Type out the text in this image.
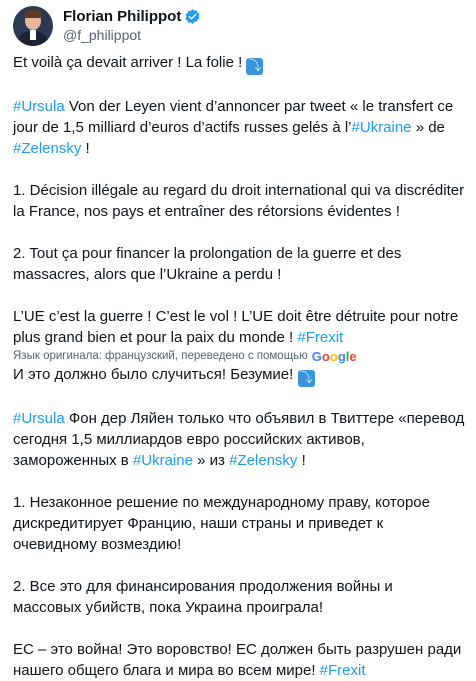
Florian Philippot
@f_philippot

Et voilà ça devait arriver ! La folie ! ⤵

#Ursula Von der Leyen vient d’annoncer par tweet « le transfert ce jour de 1,5 milliard d’euros d’actifs russes gelés à l’#Ukraine » de #Zelensky !

1. Décision illégale au regard du droit international qui va discréditer la France, nos pays et entraîner des rétorsions évidentes !

2. Tout ça pour financer la prolongation de la guerre et des massacres, alors que l’Ukraine a perdu !

L’UE c’est la guerre ! C’est le vol ! L’UE doit être détruite pour notre plus grand bien et pour la paix du monde ! #Frexit

Язык оригинала: французский, переведено с помощью Google

И это должно было случиться! Безумие! ⤵

#Ursula Фон дер Ляйен только что объявил в Твиттере «перевод сегодня 1,5 миллиардов евро российских активов, замороженных в #Ukraine » из #Zelensky !

1. Незаконное решение по международному праву, которое дискредитирует Францию, наши страны и приведет к очевидному возмездию!

2. Все это для финансирования продолжения войны и массовых убийств, пока Украина проиграла!

ЕС – это война! Это воровство! ЕС должен быть разрушен ради нашего общего блага и мира во всем мире! #Frexit
